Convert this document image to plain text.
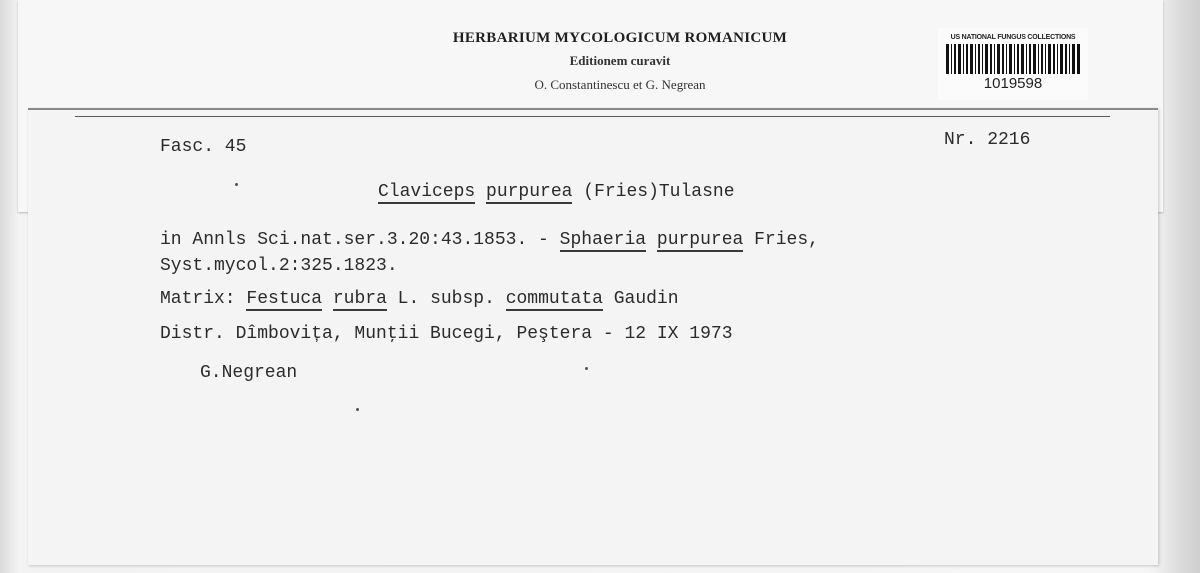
HERBARIUM MYCOLOGICUM ROMANICUM
Editionem curavit
O. Constantinescu et G. Negrean
US NATIONAL FUNGUS COLLECTIONS
1019598
Fasc. 45	Nr. 2216
Claviceps purpurea (Fries)Tulasne
in Annls Sci.nat.ser.3.20:43.1853. - Sphaeria purpurea Fries,
Syst.mycol.2:325.1823.
Matrix: Festuca rubra L. subsp. commutata Gaudin
Distr. Dîmbovița, Munţii Bucegi, Peştera - 12 IX 1973
G.Negrean
